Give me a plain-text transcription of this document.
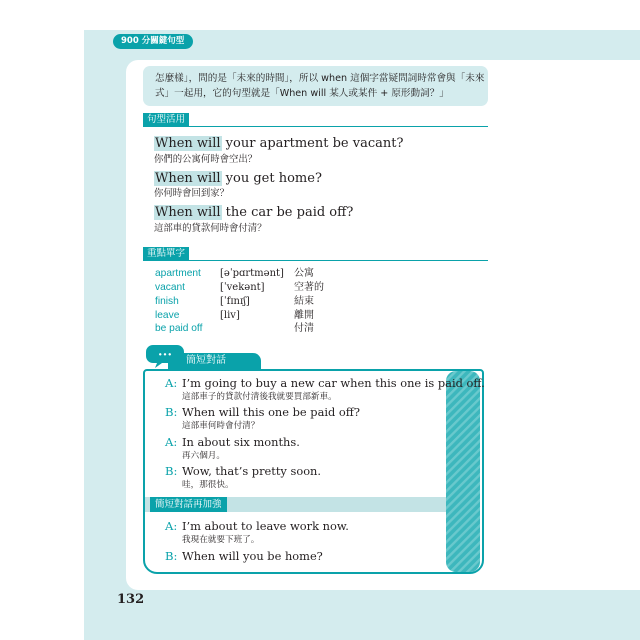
900 分關鍵句型
怎麼樣」，問的是「未來的時間」，所以 when 這個字當疑問詞時常會與「未來
式」一起用，它的句型就是「When will 某人或某件 + 原形動詞？」
句型活用
When will your apartment be vacant?
你們的公寓何時會空出？
When will you get home?
你何時會回到家？
When will the car be paid off?
這部車的貸款何時會付清？
重點單字
apartment [əˈpɑrtmənt] 公寓
vacant	[ˈvekənt]	空著的
finish	[ˈfɪnɪʃ]	結束
leave	[liv]	離開
be paid off	付清
••• 簡短對話
A: I’m going to buy a new car when this one is paid off.
這部車子的貸款付清後我就要買部新車。
B: When will this one be paid off?
這部車何時會付清？
A: In about six months.
再六個月。
B: Wow, that’s pretty soon.
哇，那很快。
簡短對話再加強
A: I’m about to leave work now.
我現在就要下班了。
B: When will you be home?
132
